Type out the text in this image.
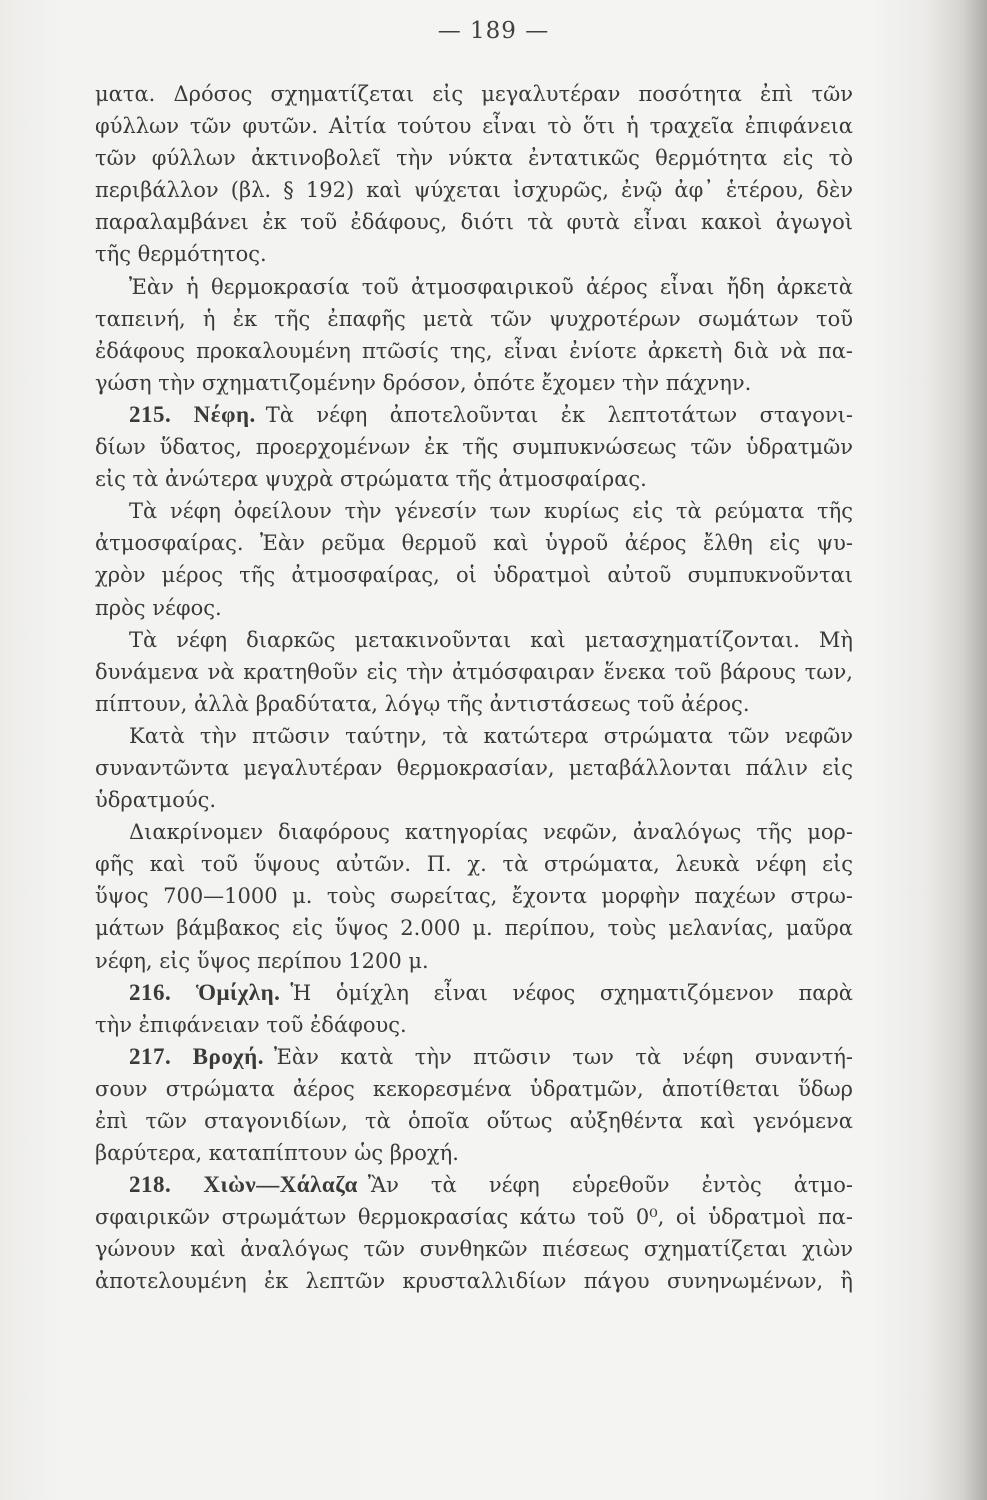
— 189 —
ματα. Δρόσος σχηματίζεται εἰς μεγαλυτέραν ποσότητα ἐπὶ τῶν
φύλλων τῶν φυτῶν. Αἰτία τούτου εἶναι τὸ ὅτι ἡ τραχεῖα ἐπιφάνεια
τῶν φύλλων ἀκτινοβολεῖ τὴν νύκτα ἐντατικῶς θερμότητα εἰς τὸ
περιβάλλον (βλ. § 192) καὶ ψύχεται ἰσχυρῶς, ἐνῷ ἀφ᾽ ἑτέρου, δὲν
παραλαμβάνει ἐκ τοῦ ἐδάφους, διότι τὰ φυτὰ εἶναι κακοὶ ἀγωγοὶ
τῆς θερμότητος.
Ἐὰν ἡ θερμοκρασία τοῦ ἀτμοσφαιρικοῦ ἀέρος εἶναι ἤδη ἀρκετὰ
ταπεινή, ἡ ἐκ τῆς ἐπαφῆς μετὰ τῶν ψυχροτέρων σωμάτων τοῦ
ἐδάφους προκαλουμένη πτῶσίς της, εἶναι ἐνίοτε ἀρκετὴ διὰ νὰ πα-
γώση τὴν σχηματιζομένην δρόσον, ὁπότε ἔχομεν τὴν πάχνην.
215. Νέφη. Τὰ νέφη ἀποτελοῦνται ἐκ λεπτοτάτων σταγονι-
δίων ὕδατος, προερχομένων ἐκ τῆς συμπυκνώσεως τῶν ὑδρατμῶν
εἰς τὰ ἀνώτερα ψυχρὰ στρώματα τῆς ἀτμοσφαίρας.
Τὰ νέφη ὀφείλουν τὴν γένεσίν των κυρίως εἰς τὰ ρεύματα τῆς
ἀτμοσφαίρας. Ἐὰν ρεῦμα θερμοῦ καὶ ὑγροῦ ἀέρος ἔλθη εἰς ψυ-
χρὸν μέρος τῆς ἀτμοσφαίρας, οἱ ὑδρατμοὶ αὐτοῦ συμπυκνοῦνται
πρὸς νέφος.
Τὰ νέφη διαρκῶς μετακινοῦνται καὶ μετασχηματίζονται. Μὴ
δυνάμενα νὰ κρατηθοῦν εἰς τὴν ἀτμόσφαιραν ἕνεκα τοῦ βάρους των,
πίπτουν, ἀλλὰ βραδύτατα, λόγῳ τῆς ἀντιστάσεως τοῦ ἀέρος.
Κατὰ τὴν πτῶσιν ταύτην, τὰ κατώτερα στρώματα τῶν νεφῶν
συναντῶντα μεγαλυτέραν θερμοκρασίαν, μεταβάλλονται πάλιν εἰς
ὑδρατμούς.
Διακρίνομεν διαφόρους κατηγορίας νεφῶν, ἀναλόγως τῆς μορ-
φῆς καὶ τοῦ ὕψους αὐτῶν. Π. χ. τὰ στρώματα, λευκὰ νέφη εἰς
ὕψος 700—1000 μ. τοὺς σωρείτας, ἔχοντα μορφὴν παχέων στρω-
μάτων βάμβακος εἰς ὕψος 2.000 μ. περίπου, τοὺς μελανίας, μαῦρα
νέφη, εἰς ὕψος περίπου 1200 μ.
216. Ὁμίχλη. Ἡ ὁμίχλη εἶναι νέφος σχηματιζόμενον παρὰ
τὴν ἐπιφάνειαν τοῦ ἐδάφους.
217. Βροχή. Ἐὰν κατὰ τὴν πτῶσιν των τὰ νέφη συναντή-
σουν στρώματα ἀέρος κεκορεσμένα ὑδρατμῶν, ἀποτίθεται ὕδωρ
ἐπὶ τῶν σταγονιδίων, τὰ ὁποῖα οὕτως αὐξηθέντα καὶ γενόμενα
βαρύτερα, καταπίπτουν ὡς βροχή.
218. Χιὼν—Χάλαζα Ἂν τὰ νέφη εὑρεθοῦν ἐντὸς ἀτμο-
σφαιρικῶν στρωμάτων θερμοκρασίας κάτω τοῦ 0⁰, οἱ ὑδρατμοὶ πα-
γώνουν καὶ ἀναλόγως τῶν συνθηκῶν πιέσεως σχηματίζεται χιὼν
ἀποτελουμένη ἐκ λεπτῶν κρυσταλλιδίων πάγου συνηνωμένων, ἢ
